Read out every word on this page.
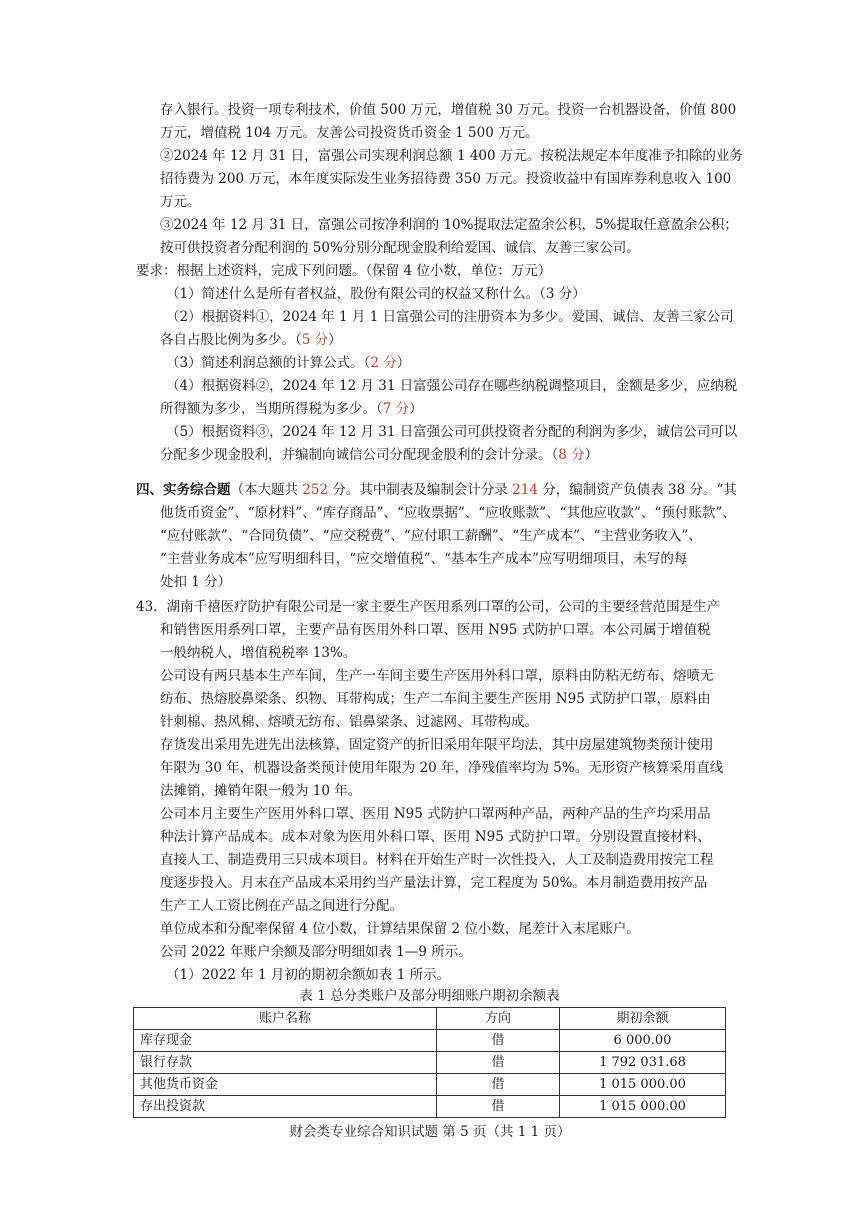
存入银行。投资一项专利技术，价值 500 万元，增值税 30 万元。投资一台机器设备，价值 800
万元，增值税 104 万元。友善公司投资货币资金 1 500 万元。
②2024 年 12 月 31 日，富强公司实现利润总额 1 400 万元。按税法规定本年度准予扣除的业务
招待费为 200 万元，本年度实际发生业务招待费 350 万元。投资收益中有国库券利息收入 100
万元。
③2024 年 12 月 31 日，富强公司按净利润的 10%提取法定盈余公积，5%提取任意盈余公积；
按可供投资者分配利润的 50%分别分配现金股利给爱国、诚信、友善三家公司。
要求：根据上述资料，完成下列问题。（保留 4 位小数，单位：万元）
（1）简述什么是所有者权益，股份有限公司的权益又称什么。（3 分）
（2）根据资料①，2024 年 1 月 1 日富强公司的注册资本为多少。爱国、诚信、友善三家公司
各自占股比例为多少。（5 分）
（3）简述利润总额的计算公式。（2 分）
（4）根据资料②，2024 年 12 月 31 日富强公司存在哪些纳税调整项目，金额是多少，应纳税
所得额为多少，当期所得税为多少。（7 分）
（5）根据资料③，2024 年 12 月 31 日富强公司可供投资者分配的利润为多少，诚信公司可以
分配多少现金股利，并编制向诚信公司分配现金股利的会计分录。（8 分）
四、实务综合题（本大题共 252 分。其中制表及编制会计分录 214 分，编制资产负债表 38 分。“其
他货币资金”、“原材料”、“库存商品”、“应收票据”、“应收账款”、“其他应收款”、“预付账款”、
“应付账款”、“合同负债”、“应交税费”、“应付职工薪酬”、“生产成本”、“主营业务收入”、
“主营业务成本”应写明细科目，“应交增值税”、“基本生产成本”应写明细项目，未写的每
处扣 1 分）
43．湖南千禧医疗防护有限公司是一家主要生产医用系列口罩的公司，公司的主要经营范围是生产
和销售医用系列口罩，主要产品有医用外科口罩、医用 N95 式防护口罩。本公司属于增值税
一般纳税人，增值税税率 13%。
公司设有两只基本生产车间，生产一车间主要生产医用外科口罩，原料由防粘无纺布、熔喷无
纺布、热熔胶鼻梁条、织物、耳带构成；生产二车间主要生产医用 N95 式防护口罩，原料由
针刺棉、热风棉、熔喷无纺布、铝鼻梁条、过滤网、耳带构成。
存货发出采用先进先出法核算，固定资产的折旧采用年限平均法，其中房屋建筑物类预计使用
年限为 30 年，机器设备类预计使用年限为 20 年，净残值率均为 5%。无形资产核算采用直线
法摊销，摊销年限一般为 10 年。
公司本月主要生产医用外科口罩、医用 N95 式防护口罩两种产品，两种产品的生产均采用品
种法计算产品成本。成本对象为医用外科口罩、医用 N95 式防护口罩。分别设置直接材料、
直接人工、制造费用三只成本项目。材料在开始生产时一次性投入，人工及制造费用按完工程
度逐步投入。月末在产品成本采用约当产量法计算，完工程度为 50%。本月制造费用按产品
生产工人工资比例在产品之间进行分配。
单位成本和分配率保留 4 位小数，计算结果保留 2 位小数，尾差计入末尾账户。
公司 2022 年账户余额及部分明细如表 1—9 所示。
（1）2022 年 1 月初的期初余额如表 1 所示。
表 1 总分类账户及部分明细账户期初余额表
账户名称	方向	期初余额
库存现金	借	6 000.00
银行存款	借	1 792 031.68
其他货币资金	借	1 015 000.00
存出投资款	借	1 015 000.00
财会类专业综合知识试题 第 5 页（共 1 1 页）
